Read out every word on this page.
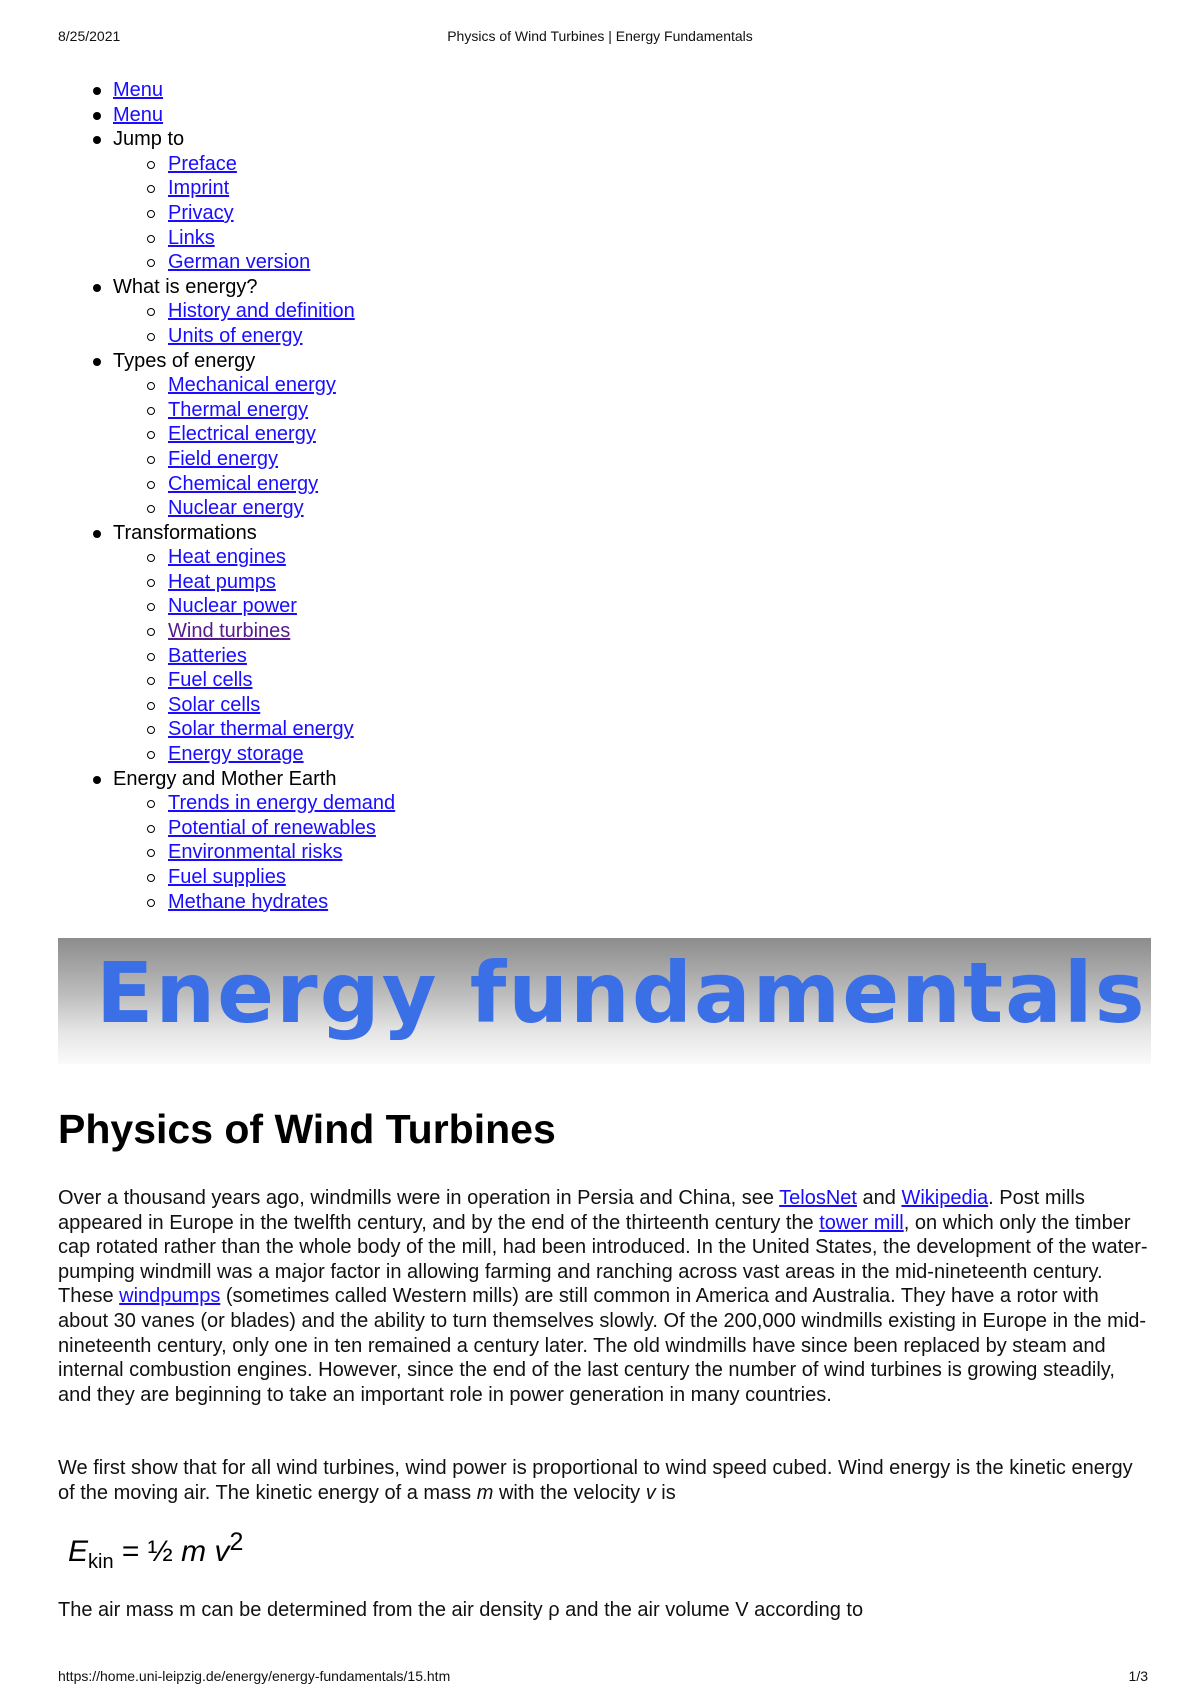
8/25/2021	Physics of Wind Turbines | Energy Fundamentals
Menu
Menu
Jump to
Preface
Imprint
Privacy
Links
German version
What is energy?
History and definition
Units of energy
Types of energy
Mechanical energy
Thermal energy
Electrical energy
Field energy
Chemical energy
Nuclear energy
Transformations
Heat engines
Heat pumps
Nuclear power
Wind turbines
Batteries
Fuel cells
Solar cells
Solar thermal energy
Energy storage
Energy and Mother Earth
Trends in energy demand
Potential of renewables
Environmental risks
Fuel supplies
Methane hydrates
Energy fundamentals
Physics of Wind Turbines

Over a thousand years ago, windmills were in operation in Persia and China, see TelosNet and Wikipedia. Post mills appeared in Europe in the twelfth century, and by the end of the thirteenth century the tower mill, on which only the timber cap rotated rather than the whole body of the mill, had been introduced. In the United States, the development of the water-pumping windmill was a major factor in allowing farming and ranching across vast areas in the mid-nineteenth century. These windpumps (sometimes called Western mills) are still common in America and Australia. They have a rotor with about 30 vanes (or blades) and the ability to turn themselves slowly. Of the 200,000 windmills existing in Europe in the mid-nineteenth century, only one in ten remained a century later. The old windmills have since been replaced by steam and internal combustion engines. However, since the end of the last century the number of wind turbines is growing steadily, and they are beginning to take an important role in power generation in many countries.

We first show that for all wind turbines, wind power is proportional to wind speed cubed. Wind energy is the kinetic energy of the moving air. The kinetic energy of a mass m with the velocity v is

$E_{kin}$ = ½ m $v^2$

The air mass m can be determined from the air density ρ and the air volume V according to

https://home.uni-leipzig.de/energy/energy-fundamentals/15.htm	1/3
